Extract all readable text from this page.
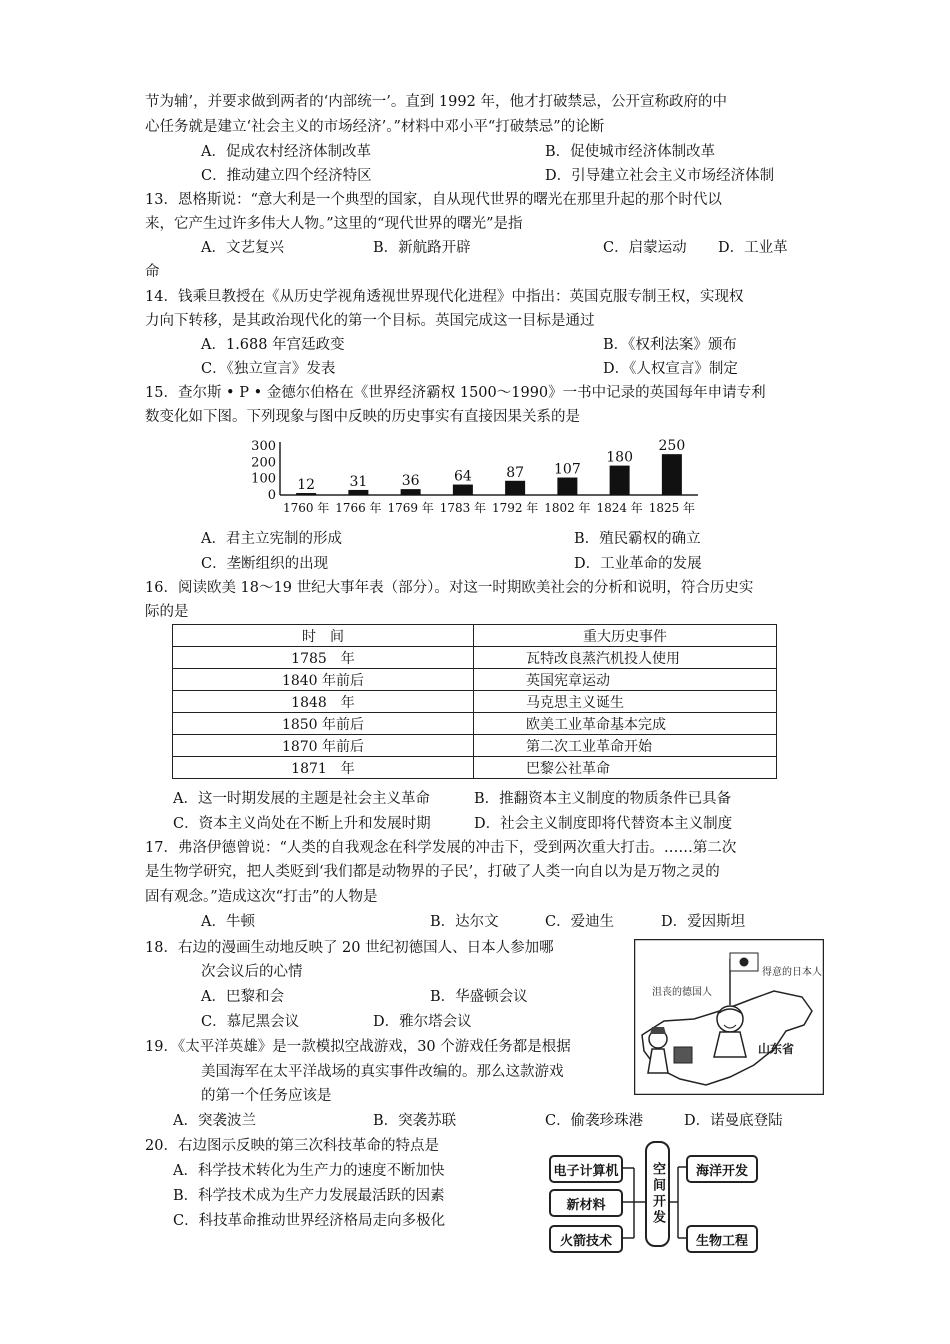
节为辅’，并要求做到两者的‘内部统一’。直到 1992 年，他才打破禁忌，公开宣称政府的中
心任务就是建立‘社会主义的市场经济’。”材料中邓小平“打破禁忌”的论断
A．促成农村经济体制改革	B．促使城市经济体制改革
C．推动建立四个经济特区	D．引导建立社会主义市场经济体制
13．恩格斯说：“意大利是一个典型的国家，自从现代世界的曙光在那里升起的那个时代以
来，它产生过许多伟大人物。”这里的“现代世界的曙光”是指
A．文艺复兴	B．新航路开辟	C．启蒙运动 D．工业革
命
14．钱乘旦教授在《从历史学视角透视世界现代化进程》中指出：英国克服专制王权，实现权
力向下转移，是其政治现代化的第一个目标。英国完成这一目标是通过
A．1.688 年宫廷政变	B．《权利法案》颁布
C．《独立宣言》发表	D．《人权宣言》制定
15．查尔斯 • P • 金德尔伯格在《世界经济霸权 1500～1990》一书中记录的英国每年申请专利
数变化如下图。下列现象与图中反映的历史事实有直接因果关系的是
300
200
100
0
12
1760 年
31
1766 年
36
1769 年
64
1783 年
87
1792 年
107
1802 年
180
1824 年
250
1825 年
A．君主立宪制的形成	B．殖民霸权的确立
C．垄断组织的出现	D．工业革命的发展
16．阅读欧美 18～19 世纪大事年表（部分）。对这一时期欧美社会的分析和说明，符合历史实
际的是
时　间	重大历史事件
1785　年	瓦特改良蒸汽机投人使用
1840 年前后	英国宪章运动
1848　年	马克思主义诞生
1850 年前后	欧美工业革命基本完成
1870 年前后	第二次工业革命开始
1871　年	巴黎公社革命
A．这一时期发展的主题是社会主义革命	B．推翻资本主义制度的物质条件已具备
C．资本主义尚处在不断上升和发展时期	D．社会主义制度即将代替资本主义制度
17．弗洛伊德曾说：“人类的自我观念在科学发展的冲击下，受到两次重大打击。……第二次
是生物学研究，把人类贬到‘我们都是动物界的子民’，打破了人类一向自以为是万物之灵的
固有观念。”造成这次“打击”的人物是
A．牛顿	B．达尔文	C．爱迪生	D．爱因斯坦
18．右边的漫画生动地反映了 20 世纪初德国人、日本人参加哪
次会议后的心情
A．巴黎和会	B．华盛顿会议
C．慕尼黑会议	D．雅尔塔会议
沮丧的德国人
得意的日本人
山东省
19．《太平洋英雄》是一款模拟空战游戏，30 个游戏任务都是根据
美国海军在太平洋战场的真实事件改编的。那么这款游戏
的第一个任务应该是
A．突袭波兰	B．突袭苏联	C．偷袭珍珠港	D．诺曼底登陆
20．右边图示反映的第三次科技革命的特点是
A．科学技术转化为生产力的速度不断加快
B．科学技术成为生产力发展最活跃的因素
C．科技革命推动世界经济格局走向多极化
电子计算机
新材料
火箭技术
空间开发	海洋开发
生物工程
